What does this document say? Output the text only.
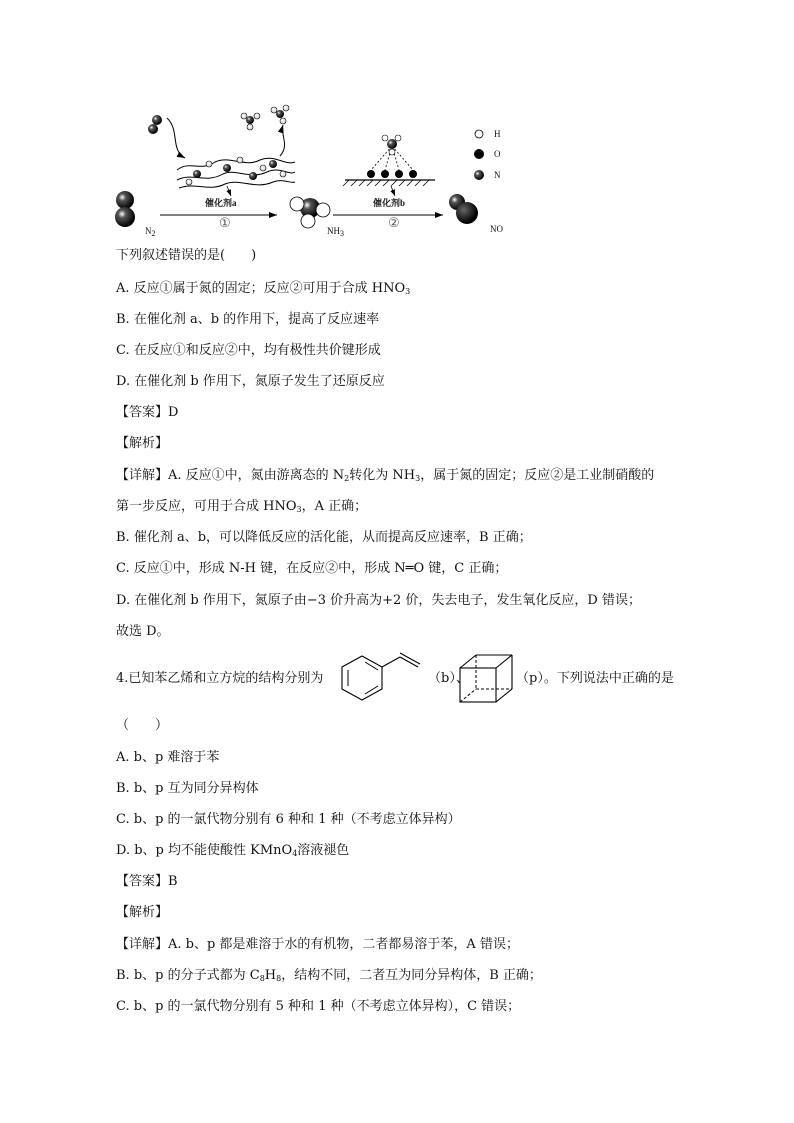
$N_2$	$NH_3$	NO
催化剂a	催化剂b
①	②
H
O
N
下列叙述错误的是(　　)
A. 反应①属于氮的固定；反应②可用于合成 $HNO_3$
B. 在催化剂 a、b 的作用下，提高了反应速率
C. 在反应①和反应②中，均有极性共价键形成
D. 在催化剂 b 作用下，氮原子发生了还原反应
【答案】D
【解析】
【详解】A. 反应①中，氮由游离态的 $N_2$转化为 $NH_3$，属于氮的固定；反应②是工业制硝酸的
第一步反应，可用于合成 $HNO_3$，A 正确；
B. 催化剂 a、b，可以降低反应的活化能，从而提高反应速率，B 正确；
C. 反应①中，形成 N-H 键，在反应②中，形成 N═O 键，C 正确；
D. 在催化剂 b 作用下，氮原子由−3 价升高为+2 价，失去电子，发生氧化反应，D 错误；
故选 D。
4.已知苯乙烯和立方烷的结构分别为	（b）、	（p）。下列说法中正确的是
（　　）
A. b、p 难溶于苯
B. b、p 互为同分异构体
C. b、p 的一氯代物分别有 6 种和 1 种（不考虑立体异构）
D. b、p 均不能使酸性 KMnO$_4$溶液褪色
【答案】B
【解析】
【详解】A. b、p 都是难溶于水的有机物，二者都易溶于苯，A 错误；
B. b、p 的分子式都为 $C_8H_8$，结构不同，二者互为同分异构体，B 正确；
C. b、p 的一氯代物分别有 5 种和 1 种（不考虑立体异构），C 错误；
